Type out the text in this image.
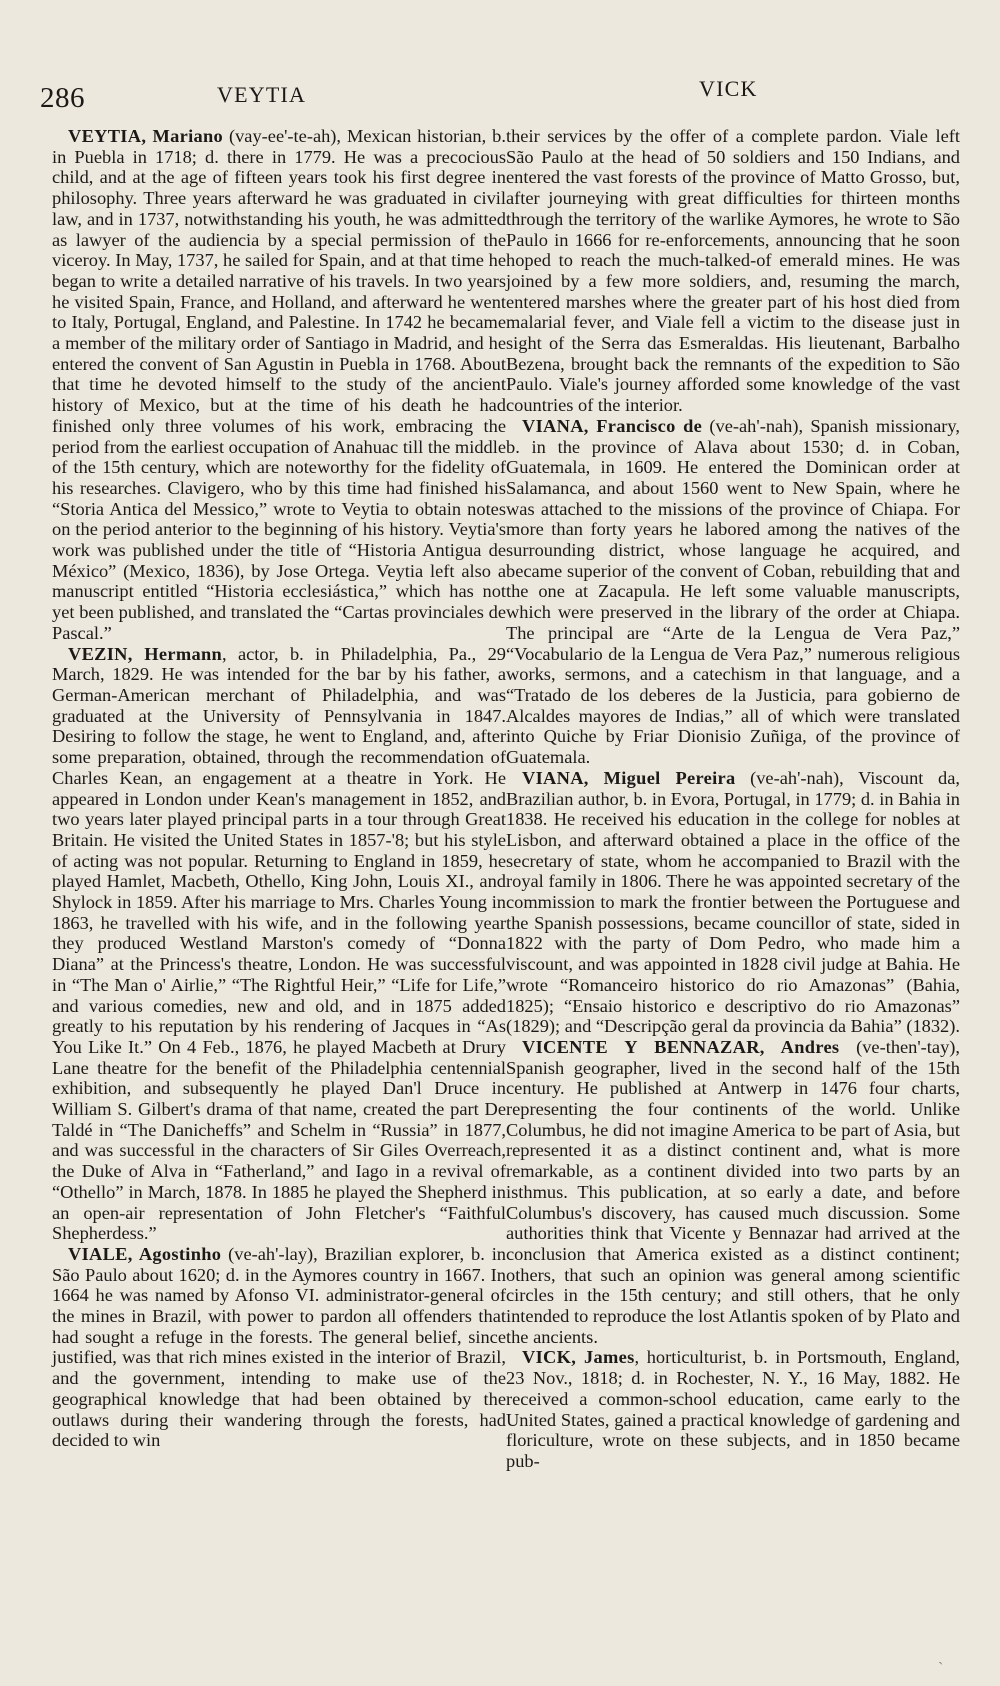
286	VEYTIA	VICK

VEYTIA, Mariano (vay-ee'-te-ah), Mexican historian, b. in Puebla in 1718; d. there in 1779. He was a precocious child, and at the age of fifteen years took his first degree in philosophy. Three years afterward he was graduated in civil law, and in 1737, notwithstanding his youth, he was admitted as lawyer of the audiencia by a special permission of the viceroy. In May, 1737, he sailed for Spain, and at that time he began to write a detailed narrative of his travels. In two years he visited Spain, France, and Holland, and afterward he went to Italy, Portugal, England, and Palestine. In 1742 he became a member of the military order of Santiago in Madrid, and he entered the convent of San Agustin in Puebla in 1768. About that time he devoted himself to the study of the ancient history of Mexico, but at the time of his death he had finished only three volumes of his work, embracing the period from the earliest occupation of Anahuac till the middle of the 15th century, which are noteworthy for the fidelity of his researches. Clavigero, who by this time had finished his “Storia Antica del Messico,” wrote to Veytia to obtain notes on the period anterior to the beginning of his history. Veytia's work was published under the title of “Historia Antigua de México” (Mexico, 1836), by Jose Ortega. Veytia left also a manuscript entitled “Historia ecclesiástica,” which has not yet been published, and translated the “Cartas provinciales de Pascal.”

VEZIN, Hermann, actor, b. in Philadelphia, Pa., 29 March, 1829. He was intended for the bar by his father, a German-American merchant of Philadelphia, and was graduated at the University of Pennsylvania in 1847. Desiring to follow the stage, he went to England, and, after some preparation, obtained, through the recommendation of Charles Kean, an engagement at a theatre in York. He appeared in London under Kean's management in 1852, and two years later played principal parts in a tour through Great Britain. He visited the United States in 1857-'8; but his style of acting was not popular. Returning to England in 1859, he played Hamlet, Macbeth, Othello, King John, Louis XI., and Shylock in 1859. After his marriage to Mrs. Charles Young in 1863, he travelled with his wife, and in the following year they produced Westland Marston's comedy of “Donna Diana” at the Princess's theatre, London. He was successful in “The Man o' Airlie,” “The Rightful Heir,” “Life for Life,” and various comedies, new and old, and in 1875 added greatly to his reputation by his rendering of Jacques in “As You Like It.” On 4 Feb., 1876, he played Macbeth at Drury Lane theatre for the benefit of the Philadelphia centennial exhibition, and subsequently he played Dan'l Druce in William S. Gilbert's drama of that name, created the part De Taldé in “The Danicheffs” and Schelm in “Russia” in 1877, and was successful in the characters of Sir Giles Overreach, the Duke of Alva in “Fatherland,” and Iago in a revival of “Othello” in March, 1878. In 1885 he played the Shepherd in an open-air representation of John Fletcher's “Faithful Shepherdess.”

VIALE, Agostinho (ve-ah'-lay), Brazilian explorer, b. in São Paulo about 1620; d. in the Aymores country in 1667. In 1664 he was named by Afonso VI. administrator-general of the mines in Brazil, with power to pardon all offenders that had sought a refuge in the forests. The general belief, since justified, was that rich mines existed in the interior of Brazil, and the government, intending to make use of the geographical knowledge that had been obtained by the outlaws during their wandering through the forests, had decided to win

their services by the offer of a complete pardon. Viale left São Paulo at the head of 50 soldiers and 150 Indians, and entered the vast forests of the province of Matto Grosso, but, after journeying with great difficulties for thirteen months through the territory of the warlike Aymores, he wrote to São Paulo in 1666 for re-enforcements, announcing that he soon hoped to reach the much-talked-of emerald mines. He was joined by a few more soldiers, and, resuming the march, entered marshes where the greater part of his host died from malarial fever, and Viale fell a victim to the disease just in sight of the Serra das Esmeraldas. His lieutenant, Barbalho Bezena, brought back the remnants of the expedition to São Paulo. Viale's journey afforded some knowledge of the vast countries of the interior.

VIANA, Francisco de (ve-ah'-nah), Spanish missionary, b. in the province of Alava about 1530; d. in Coban, Guatemala, in 1609. He entered the Dominican order at Salamanca, and about 1560 went to New Spain, where he was attached to the missions of the province of Chiapa. For more than forty years he labored among the natives of the surrounding district, whose language he acquired, and became superior of the convent of Coban, rebuilding that and the one at Zacapula. He left some valuable manuscripts, which were preserved in the library of the order at Chiapa. The principal are “Arte de la Lengua de Vera Paz,” “Vocabulario de la Lengua de Vera Paz,” numerous religious works, sermons, and a catechism in that language, and a “Tratado de los deberes de la Justicia, para gobierno de Alcaldes mayores de Indias,” all of which were translated into Quiche by Friar Dionisio Zuñiga, of the province of Guatemala.

VIANA, Miguel Pereira (ve-ah'-nah), Viscount da, Brazilian author, b. in Evora, Portugal, in 1779; d. in Bahia in 1838. He received his education in the college for nobles at Lisbon, and afterward obtained a place in the office of the secretary of state, whom he accompanied to Brazil with the royal family in 1806. There he was appointed secretary of the commission to mark the frontier between the Portuguese and the Spanish possessions, became councillor of state, sided in 1822 with the party of Dom Pedro, who made him a viscount, and was appointed in 1828 civil judge at Bahia. He wrote “Romanceiro historico do rio Amazonas” (Bahia, 1825); “Ensaio historico e descriptivo do rio Amazonas” (1829); and “Descripção geral da provincia da Bahia” (1832).

VICENTE Y BENNAZAR, Andres (ve-then'-tay), Spanish geographer, lived in the second half of the 15th century. He published at Antwerp in 1476 four charts, representing the four continents of the world. Unlike Columbus, he did not imagine America to be part of Asia, but represented it as a distinct continent and, what is more remarkable, as a continent divided into two parts by an isthmus. This publication, at so early a date, and before Columbus's discovery, has caused much discussion. Some authorities think that Vicente y Bennazar had arrived at the conclusion that America existed as a distinct continent; others, that such an opinion was general among scientific circles in the 15th century; and still others, that he only intended to reproduce the lost Atlantis spoken of by Plato and the ancients.

VICK, James, horticulturist, b. in Portsmouth, England, 23 Nov., 1818; d. in Rochester, N. Y., 16 May, 1882. He received a common-school education, came early to the United States, gained a practical knowledge of gardening and floriculture, wrote on these subjects, and in 1850 became pub-

ˎ
